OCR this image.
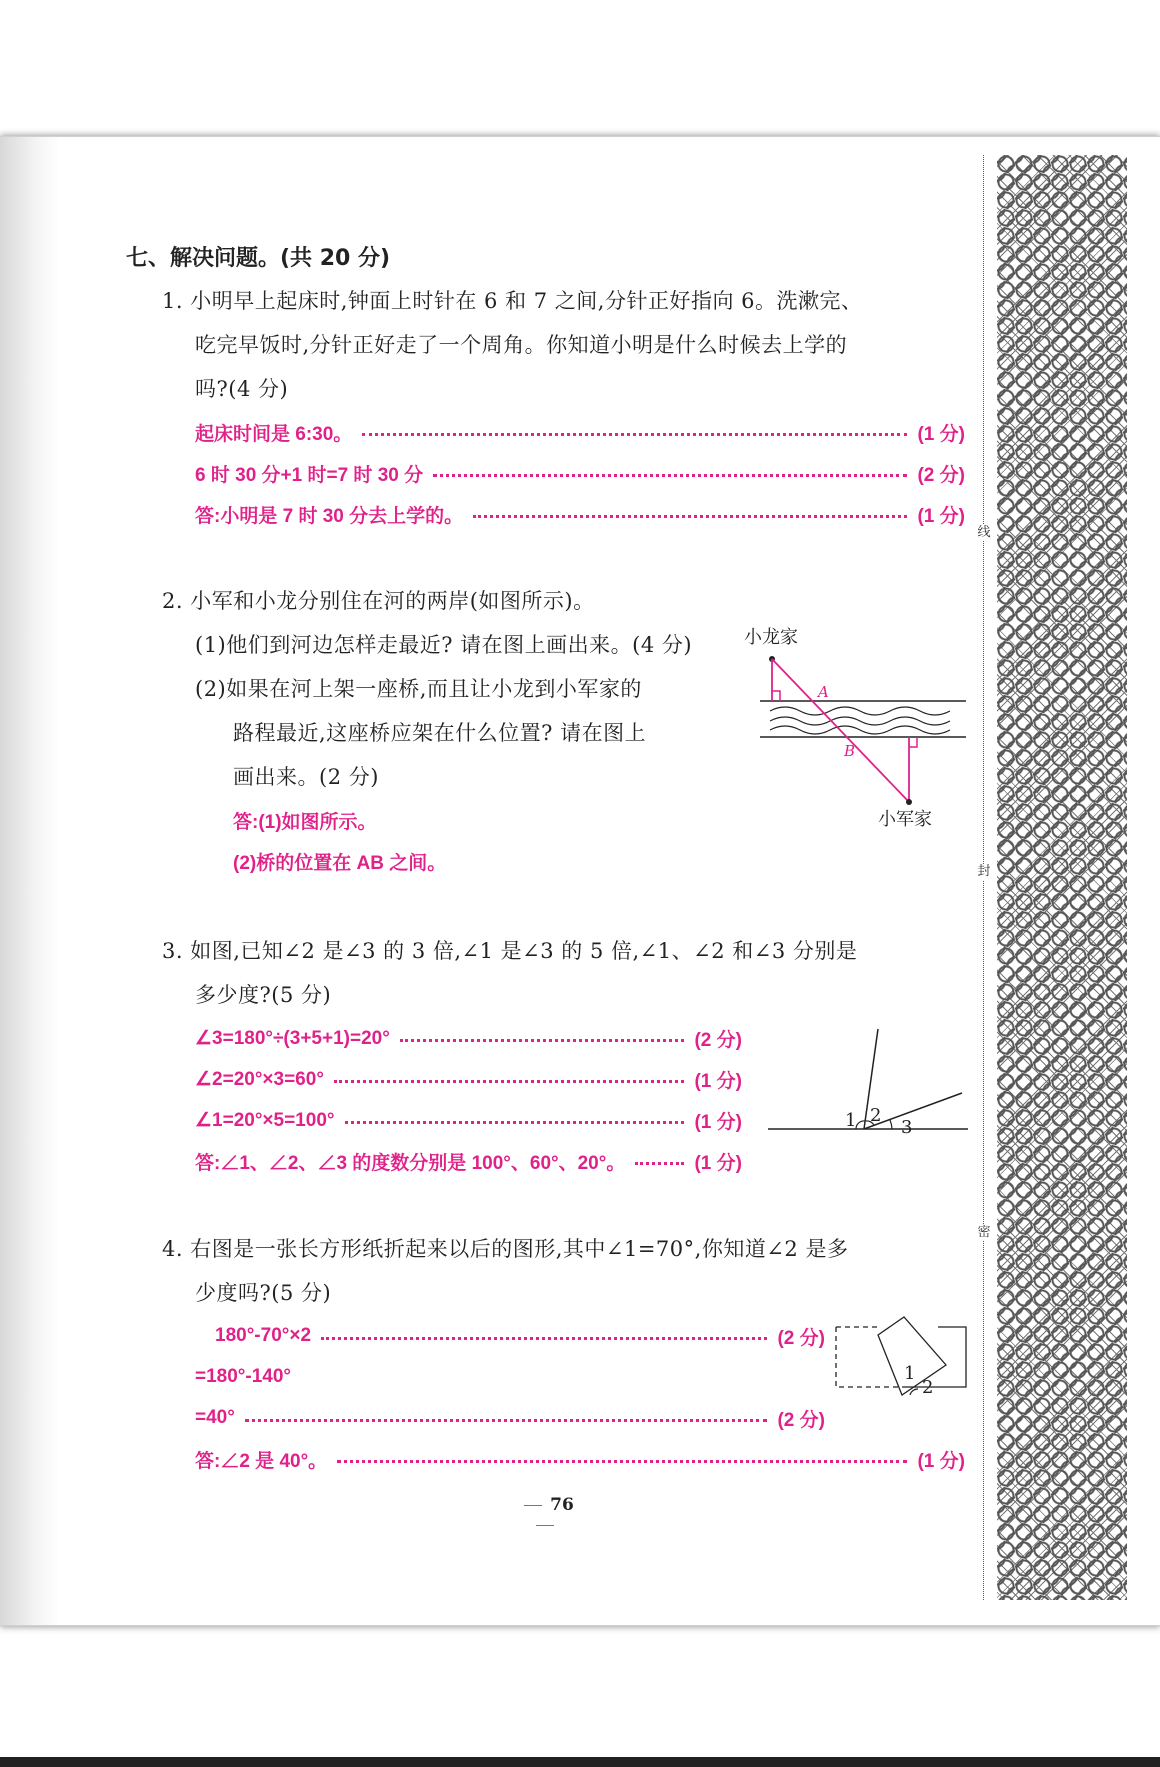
线
封
密
七、解决问题。(共 20 分)
1. 小明早上起床时,钟面上时针在 6 和 7 之间,分针正好指向 6。洗漱完、
吃完早饭时,分针正好走了一个周角。你知道小明是什么时候去上学的
吗?(4 分)
起床时间是 6:30。	(1 分)
6 时 30 分+1 时=7 时 30 分	(2 分)
答:小明是 7 时 30 分去上学的。	(1 分)
2. 小军和小龙分别住在河的两岸(如图所示)。
(1)他们到河边怎样走最近? 请在图上画出来。(4 分)
(2)如果在河上架一座桥,而且让小龙到小军家的
路程最近,这座桥应架在什么位置? 请在图上
画出来。(2 分)
答:(1)如图所示。
(2)桥的位置在 AB 之间。
小龙家
A
B
小军家
3. 如图,已知∠2 是∠3 的 3 倍,∠1 是∠3 的 5 倍,∠1、∠2 和∠3 分别是
多少度?(5 分)
∠3=180°÷(3+5+1)=20°	(2 分)
∠2=20°×3=60°	(1 分)
∠1=20°×5=100°	(1 分)
答:∠1、∠2、∠3 的度数分别是 100°、60°、20°。	(1 分)
1 2
3
4. 右图是一张长方形纸折起来以后的图形,其中∠1=70°,你知道∠2 是多
少度吗?(5 分)
180°-70°×2	(2 分)
=180°-140°
=40°	(2 分)
答:∠2 是 40°。	(1 分)
1
2
76
